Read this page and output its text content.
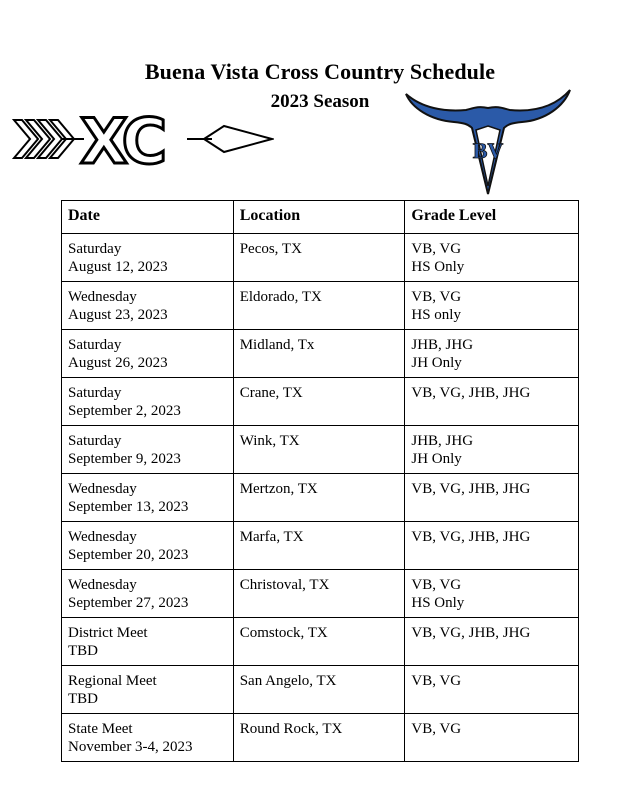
Buena Vista Cross Country Schedule
2023 Season
XC	BV
Date	Location	Grade Level

Saturday
August 12, 2023	Pecos, TX	VB, VG
HS Only

Wednesday
August 23, 2023	Eldorado, TX	VB, VG
HS only

Saturday
August 26, 2023	Midland, Tx	JHB, JHG
JH Only

Saturday
September 2, 2023	Crane, TX	VB, VG, JHB, JHG

Saturday
September 9, 2023	Wink, TX	JHB, JHG
JH Only

Wednesday
September 13, 2023	Mertzon, TX	VB, VG, JHB, JHG

Wednesday
September 20, 2023	Marfa, TX	VB, VG, JHB, JHG

Wednesday
September 27, 2023	Christoval, TX	VB, VG
HS Only

District Meet
TBD	Comstock, TX	VB, VG, JHB, JHG

Regional Meet
TBD	San Angelo, TX	VB, VG

State Meet
November 3-4, 2023	Round Rock, TX	VB, VG
